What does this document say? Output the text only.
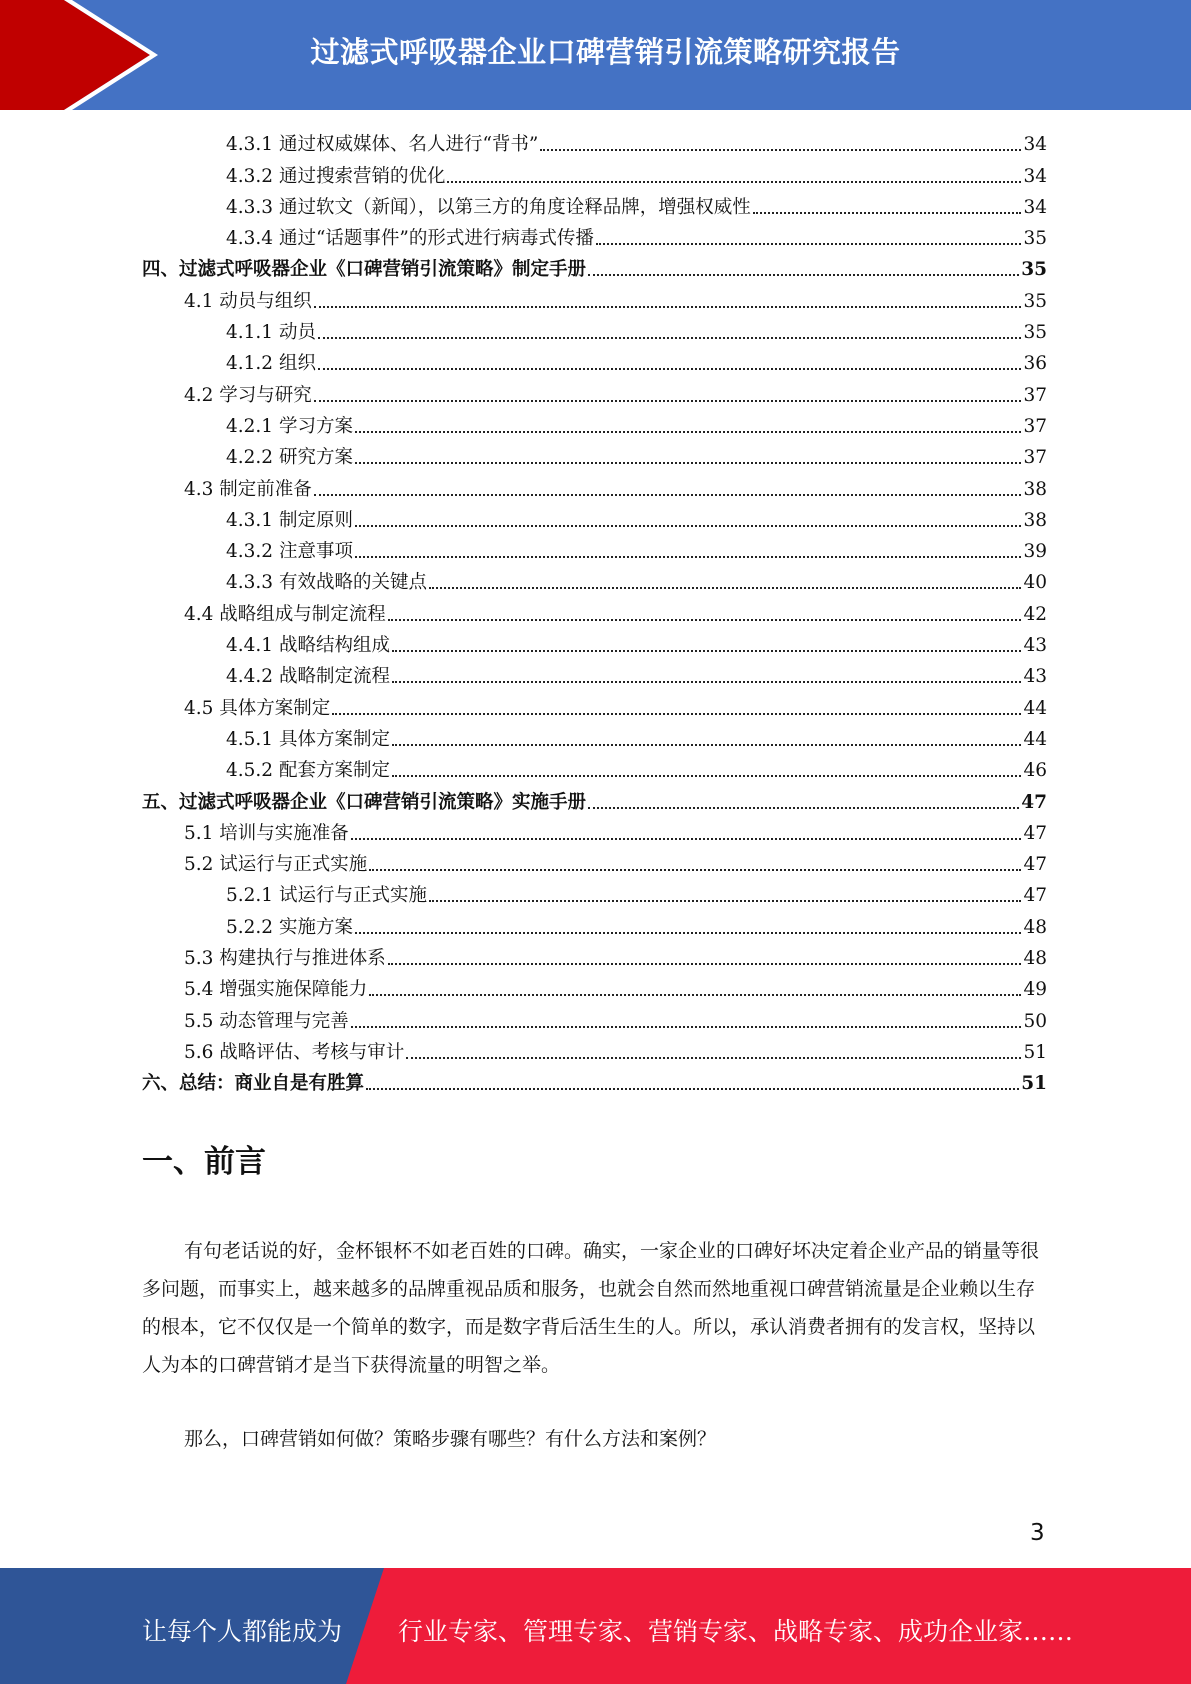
过滤式呼吸器企业口碑营销引流策略研究报告
4.3.1 通过权威媒体、名人进行“背书”	34
4.3.2 通过搜索营销的优化	34
4.3.3 通过软文（新闻），以第三方的角度诠释品牌，增强权威性	34
4.3.4 通过“话题事件”的形式进行病毒式传播	35
四、过滤式呼吸器企业《口碑营销引流策略》制定手册	35
4.1 动员与组织	35
4.1.1 动员	35
4.1.2 组织	36
4.2 学习与研究	37
4.2.1 学习方案	37
4.2.2 研究方案	37
4.3 制定前准备	38
4.3.1 制定原则	38
4.3.2 注意事项	39
4.3.3 有效战略的关键点	40
4.4 战略组成与制定流程	42
4.4.1 战略结构组成	43
4.4.2 战略制定流程	43
4.5 具体方案制定	44
4.5.1 具体方案制定	44
4.5.2 配套方案制定	46
五、过滤式呼吸器企业《口碑营销引流策略》实施手册	47
5.1 培训与实施准备	47
5.2 试运行与正式实施	47
5.2.1 试运行与正式实施	47
5.2.2 实施方案	48
5.3 构建执行与推进体系	48
5.4 增强实施保障能力	49
5.5 动态管理与完善	50
5.6 战略评估、考核与审计	51
六、总结：商业自是有胜算	51
一、前言

有句老话说的好，金杯银杯不如老百姓的口碑。确实，一家企业的口碑好坏决定着企业产品的销量等很多问题，而事实上，越来越多的品牌重视品质和服务，也就会自然而然地重视口碑营销流量是企业赖以生存的根本，它不仅仅是一个简单的数字，而是数字背后活生生的人。所以，承认消费者拥有的发言权，坚持以人为本的口碑营销才是当下获得流量的明智之举。

那么，口碑营销如何做？策略步骤有哪些？有什么方法和案例？

3
让每个人都能成为 行业专家、管理专家、营销专家、战略专家、成功企业家……
